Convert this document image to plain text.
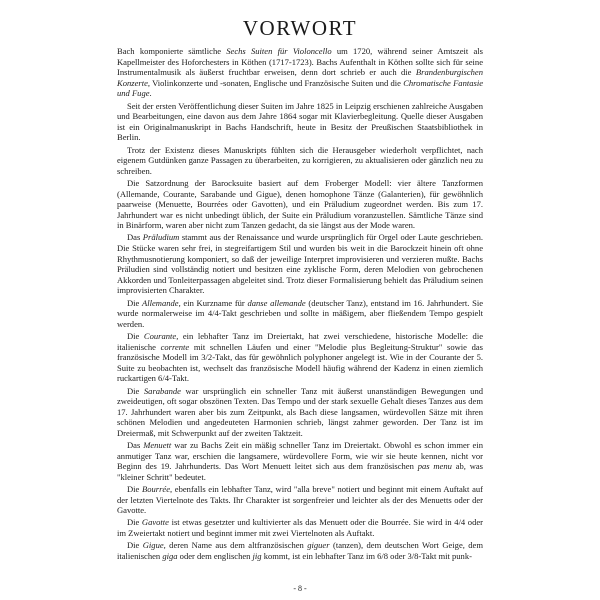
VORWORT

Bach komponierte sämtliche Sechs Suiten für Violoncello um 1720, während seiner Amtszeit als Kapellmeister des Hoforchesters in Köthen (1717-1723). Bachs Aufenthalt in Köthen sollte sich für seine Instrumentalmusik als äußerst fruchtbar erweisen, denn dort schrieb er auch die Brandenburgischen Konzerte, Violinkonzerte und -sonaten, Englische und Französische Suiten und die Chromatische Fantasie und Fuge.

Seit der ersten Veröffentlichung dieser Suiten im Jahre 1825 in Leipzig erschienen zahlreiche Ausgaben und Bearbeitungen, eine davon aus dem Jahre 1864 sogar mit Klavierbegleitung. Quelle dieser Ausgaben ist ein Originalmanuskript in Bachs Handschrift, heute in Besitz der Preußischen Staatsbibliothek in Berlin.

Trotz der Existenz dieses Manuskripts fühlten sich die Herausgeber wiederholt verpflichtet, nach eigenem Gutdünken ganze Passagen zu überarbeiten, zu korrigieren, zu aktualisieren oder gänzlich neu zu schreiben.

Die Satzordnung der Barocksuite basiert auf dem Froberger Modell: vier ältere Tanzformen (Allemande, Courante, Sarabande und Gigue), denen homophone Tänze (Galanterien), für gewöhnlich paarweise (Menuette, Bourrées oder Gavotten), und ein Präludium zugeordnet werden. Bis zum 17. Jahrhundert war es nicht unbedingt üblich, der Suite ein Präludium voranzustellen. Sämtliche Tänze sind in Binärform, waren aber nicht zum Tanzen gedacht, da sie längst aus der Mode waren.

Das Präludium stammt aus der Renaissance und wurde ursprünglich für Orgel oder Laute geschrieben. Die Stücke waren sehr frei, in stegreifartigem Stil und wurden bis weit in die Barockzeit hinein oft ohne Rhythmusnotierung komponiert, so daß der jeweilige Interpret improvisieren und verzieren mußte. Bachs Präludien sind vollständig notiert und besitzen eine zyklische Form, deren Melodien von gebrochenen Akkorden und Tonleiterpassagen abgeleitet sind. Trotz dieser Formalisierung behielt das Präludium seinen improvisierten Charakter.

Die Allemande, ein Kurzname für danse allemande (deutscher Tanz), entstand im 16. Jahrhundert. Sie wurde normalerweise im 4/4-Takt geschrieben und sollte in mäßigem, aber fließendem Tempo gespielt werden.

Die Courante, ein lebhafter Tanz im Dreiertakt, hat zwei verschiedene, historische Modelle: die italienische corrente mit schnellen Läufen und einer "Melodie plus Begleitung-Struktur" sowie das französische Modell im 3/2-Takt, das für gewöhnlich polyphoner angelegt ist. Wie in der Courante der 5. Suite zu beobachten ist, wechselt das französische Modell häufig während der Kadenz in einen ziemlich ruckartigen 6/4-Takt.

Die Sarabande war ursprünglich ein schneller Tanz mit äußerst unanständigen Bewegungen und zweideutigen, oft sogar obszönen Texten. Das Tempo und der stark sexuelle Gehalt dieses Tanzes aus dem 17. Jahrhundert waren aber bis zum Zeitpunkt, als Bach diese langsamen, würdevollen Sätze mit ihren schönen Melodien und angedeuteten Harmonien schrieb, längst zahmer geworden. Der Tanz ist im Dreiermaß, mit Schwerpunkt auf der zweiten Taktzeit.

Das Menuett war zu Bachs Zeit ein mäßig schneller Tanz im Dreiertakt. Obwohl es schon immer ein anmutiger Tanz war, erschien die langsamere, würdevollere Form, wie wir sie heute kennen, nicht vor Beginn des 19. Jahrhunderts. Das Wort Menuett leitet sich aus dem französischen pas menu ab, was "kleiner Schritt" bedeutet.

Die Bourrée, ebenfalls ein lebhafter Tanz, wird "alla breve" notiert und beginnt mit einem Auftakt auf der letzten Viertelnote des Takts. Ihr Charakter ist sorgenfreier und leichter als der des Menuetts oder der Gavotte.

Die Gavotte ist etwas gesetzter und kultivierter als das Menuett oder die Bourrée. Sie wird in 4/4 oder im Zweiertakt notiert und beginnt immer mit zwei Viertelnoten als Auftakt.

Die Gigue, deren Name aus dem altfranzösischen giguer (tanzen), dem deutschen Wort Geige, dem italienischen giga oder dem englischen jig kommt, ist ein lebhafter Tanz im 6/8 oder 3/8-Takt mit punk-

- 8 -
